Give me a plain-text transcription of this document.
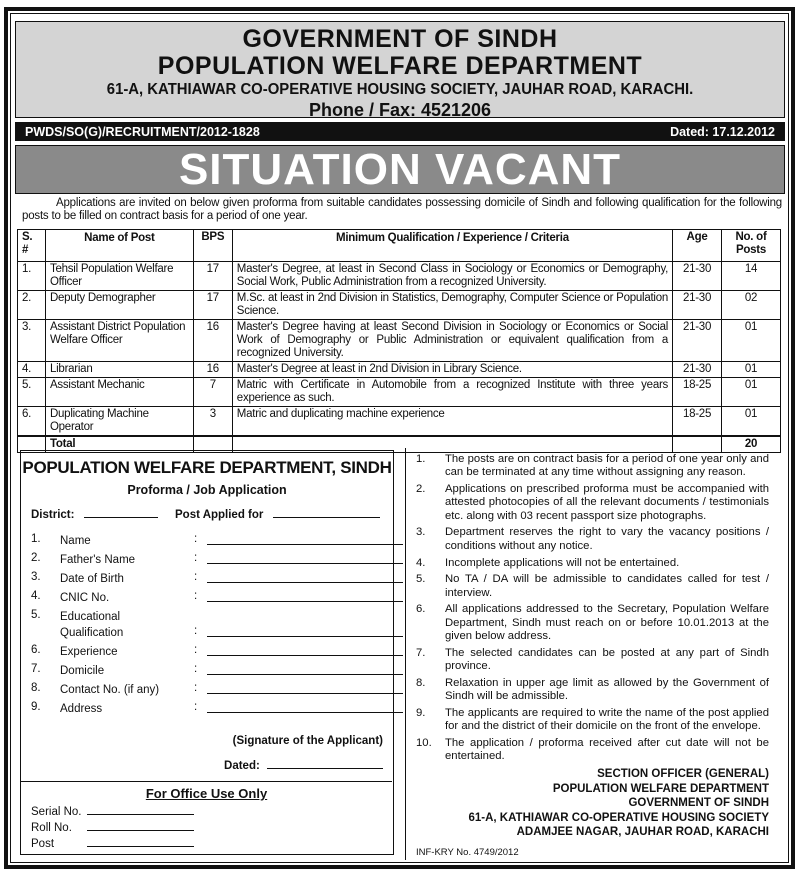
GOVERNMENT OF SINDH
POPULATION WELFARE DEPARTMENT
61-A, KATHIAWAR CO-OPERATIVE HOUSING SOCIETY, JAUHAR ROAD, KARACHI.
Phone / Fax: 4521206
PWDS/SO(G)/RECRUITMENT/2012-1828	Dated: 17.12.2012
SITUATION VACANT
Applications are invited on below given proforma from suitable candidates possessing domicile of Sindh and following qualification for the following posts to be filled on contract basis for a period of one year.
S. #	Name of Post	BPS	Minimum Qualification / Experience / Criteria	Age	No. of Posts
1.	Tehsil Population Welfare Officer	17	Master's Degree, at least in Second Class in Sociology or Economics or Demography, Social Work, Public Administration from a recognized University.	21-30	14
2.	Deputy Demographer	17	M.Sc. at least in 2nd Division in Statistics, Demography, Computer Science or Population Science.	21-30	02
3.	Assistant District Population Welfare Officer	16	Master's Degree having at least Second Division in Sociology or Economics or Social Work of Demography or Public Administration or equivalent qualification from a recognized University.	21-30	01
4.	Librarian	16	Master's Degree at least in 2nd Division in Library Science.	21-30	01
5.	Assistant Mechanic	7	Matric with Certificate in Automobile from a recognized Institute with three years experience as such.	18-25	01
6.	Duplicating Machine Operator	3	Matric and duplicating machine experience	18-25	01
	Total				20
POPULATION WELFARE DEPARTMENT, SINDH
Proforma / Job Application
District:	Post Applied for
1. Name	:
2. Father's Name	:
3. Date of Birth	:
4. CNIC No.	:
5. Educational Qualification	:
6. Experience	:
7. Domicile	:
8. Contact No. (if any)	:
9. Address	:
(Signature of the Applicant)
Dated:
For Office Use Only
Serial No.
Roll No.
Post
1.	The posts are on contract basis for a period of one year only and can be terminated at any time without assigning any reason.
2.	Applications on prescribed proforma must be accompanied with attested photocopies of all the relevant documents / testimonials etc. along with 03 recent passport size photographs.
3.	Department reserves the right to vary the vacancy positions / conditions without any notice.
4.	Incomplete applications will not be entertained.
5.	No TA / DA will be admissible to candidates called for test / interview.
6.	All applications addressed to the Secretary, Population Welfare Department, Sindh must reach on or before 10.01.2013 at the given below address.
7.	The selected candidates can be posted at any part of Sindh province.
8.	Relaxation in upper age limit as allowed by the Government of Sindh will be admissible.
9.	The applicants are required to write the name of the post applied for and the district of their domicile on the front of the envelope.
10.	The application / proforma received after cut date will not be entertained.
SECTION OFFICER (GENERAL)
POPULATION WELFARE DEPARTMENT
GOVERNMENT OF SINDH
61-A, KATHIAWAR CO-OPERATIVE HOUSING SOCIETY
ADAMJEE NAGAR, JAUHAR ROAD, KARACHI
INF-KRY No. 4749/2012
